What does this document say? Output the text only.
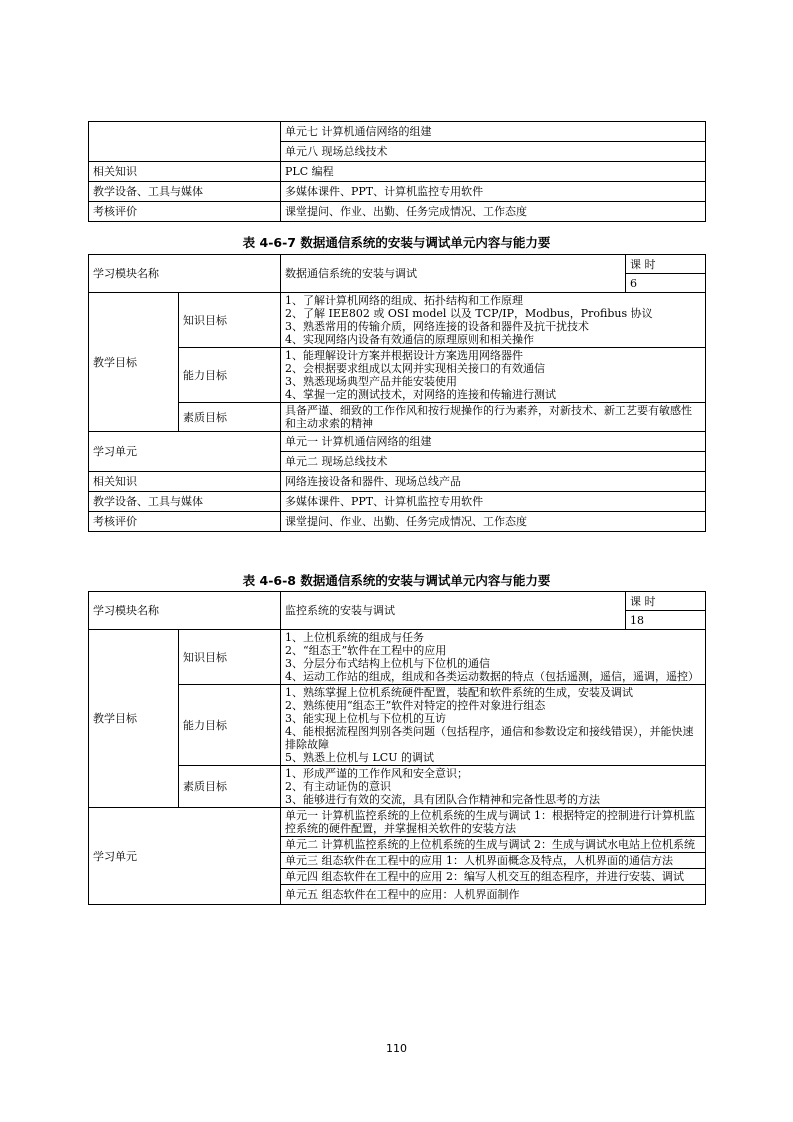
	单元七 计算机通信网络的组建
	单元八 现场总线技术
相关知识	PLC 编程
教学设备、工具与媒体	多媒体课件、PPT、计算机监控专用软件
考核评价	课堂提问、作业、出勤、任务完成情况、工作态度
表 4-6-7 数据通信系统的安装与调试单元内容与能力要
学习模块名称		数据通信系统的安装与调试	课 时
			6
教学目标	知识目标	1、了解计算机网络的组成、拓扑结构和工作原理
2、了解 IEE802 或 OSI model 以及 TCP/IP，Modbus，Profibus 协议
3、熟悉常用的传输介质，网络连接的设备和器件及抗干扰技术
4、实现网络内设备有效通信的原理原则和相关操作	
	能力目标	1、能理解设计方案并根据设计方案选用网络器件
2、会根据要求组成以太网并实现相关接口的有效通信
3、熟悉现场典型产品并能安装使用
4、掌握一定的测试技术，对网络的连接和传输进行测试	
	素质目标	具备严谨、细致的工作作风和按行规操作的行为素养，对新技术、新工艺要有敏感性和主动求索的精神	
学习单元		单元一 计算机通信网络的组建	
		单元二 现场总线技术	
相关知识		网络连接设备和器件、现场总线产品	
教学设备、工具与媒体		多媒体课件、PPT、计算机监控专用软件	
考核评价		课堂提问、作业、出勤、任务完成情况、工作态度	
表 4-6-8 数据通信系统的安装与调试单元内容与能力要
学习模块名称		监控系统的安装与调试	课 时
			18
教学目标	知识目标	1、上位机系统的组成与任务
2、“组态王”软件在工程中的应用
3、分层分布式结构上位机与下位机的通信
4、运动工作站的组成，组成和各类运动数据的特点（包括遥测，遥信，遥调，遥控）	
	能力目标	1、熟练掌握上位机系统硬件配置，装配和软件系统的生成，安装及调试
2、熟练使用“组态王”软件对特定的控件对象进行组态
3、能实现上位机与下位机的互访
4、能根据流程图判别各类问题（包括程序，通信和参数设定和接线错误），并能快速排除故障
5、熟悉上位机与 LCU 的调试	
	素质目标	1、形成严谨的工作作风和安全意识；
2、有主动证伪的意识
3、能够进行有效的交流，具有团队合作精神和完备性思考的方法	
学习单元		单元一 计算机监控系统的上位机系统的生成与调试 1：根据特定的控制进行计算机监控系统的硬件配置，并掌握相关软件的安装方法	
		单元二 计算机监控系统的上位机系统的生成与调试 2：生成与调试水电站上位机系统	
		单元三 组态软件在工程中的应用 1：人机界面概念及特点，人机界面的通信方法	
		单元四 组态软件在工程中的应用 2：编写人机交互的组态程序，并进行安装、调试	
		单元五 组态软件在工程中的应用：人机界面制作	
110
